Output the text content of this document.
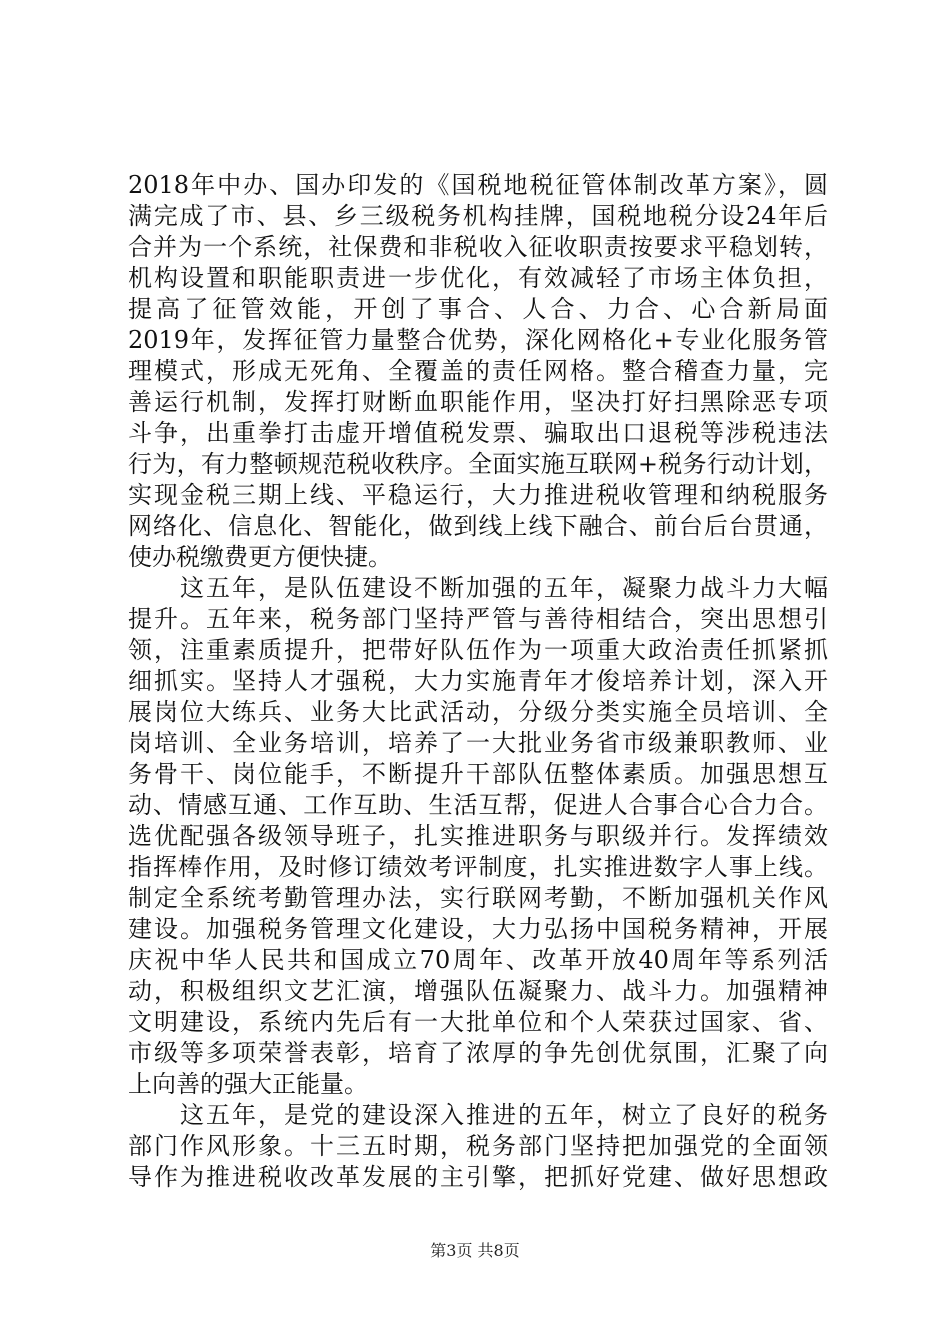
2018年中办、国办印发的《国税地税征管体制改革方案》，圆
满完成了市、县、乡三级税务机构挂牌，国税地税分设24年后
合并为一个系统，社保费和非税收入征收职责按要求平稳划转，
机构设置和职能职责进一步优化，有效减轻了市场主体负担，
提高了征管效能，开创了事合、人合、力合、心合新局面
2019年，发挥征管力量整合优势，深化网格化+专业化服务管
理模式，形成无死角、全覆盖的责任网格。整合稽查力量，完
善运行机制，发挥打财断血职能作用，坚决打好扫黑除恶专项
斗争，出重拳打击虚开增值税发票、骗取出口退税等涉税违法
行为，有力整顿规范税收秩序。全面实施互联网+税务行动计划，
实现金税三期上线、平稳运行，大力推进税收管理和纳税服务
网络化、信息化、智能化，做到线上线下融合、前台后台贯通，
使办税缴费更方便快捷。
　　这五年，是队伍建设不断加强的五年，凝聚力战斗力大幅
提升。五年来，税务部门坚持严管与善待相结合，突出思想引
领，注重素质提升，把带好队伍作为一项重大政治责任抓紧抓
细抓实。坚持人才强税，大力实施青年才俊培养计划，深入开
展岗位大练兵、业务大比武活动，分级分类实施全员培训、全
岗培训、全业务培训，培养了一大批业务省市级兼职教师、业
务骨干、岗位能手，不断提升干部队伍整体素质。加强思想互
动、情感互通、工作互助、生活互帮，促进人合事合心合力合。
选优配强各级领导班子，扎实推进职务与职级并行。发挥绩效
指挥棒作用，及时修订绩效考评制度，扎实推进数字人事上线。
制定全系统考勤管理办法，实行联网考勤，不断加强机关作风
建设。加强税务管理文化建设，大力弘扬中国税务精神，开展
庆祝中华人民共和国成立70周年、改革开放40周年等系列活
动，积极组织文艺汇演，增强队伍凝聚力、战斗力。加强精神
文明建设，系统内先后有一大批单位和个人荣获过国家、省、
市级等多项荣誉表彰，培育了浓厚的争先创优氛围，汇聚了向
上向善的强大正能量。
　　这五年，是党的建设深入推进的五年，树立了良好的税务
部门作风形象。十三五时期，税务部门坚持把加强党的全面领
导作为推进税收改革发展的主引擎，把抓好党建、做好思想政
第3页 共8页
